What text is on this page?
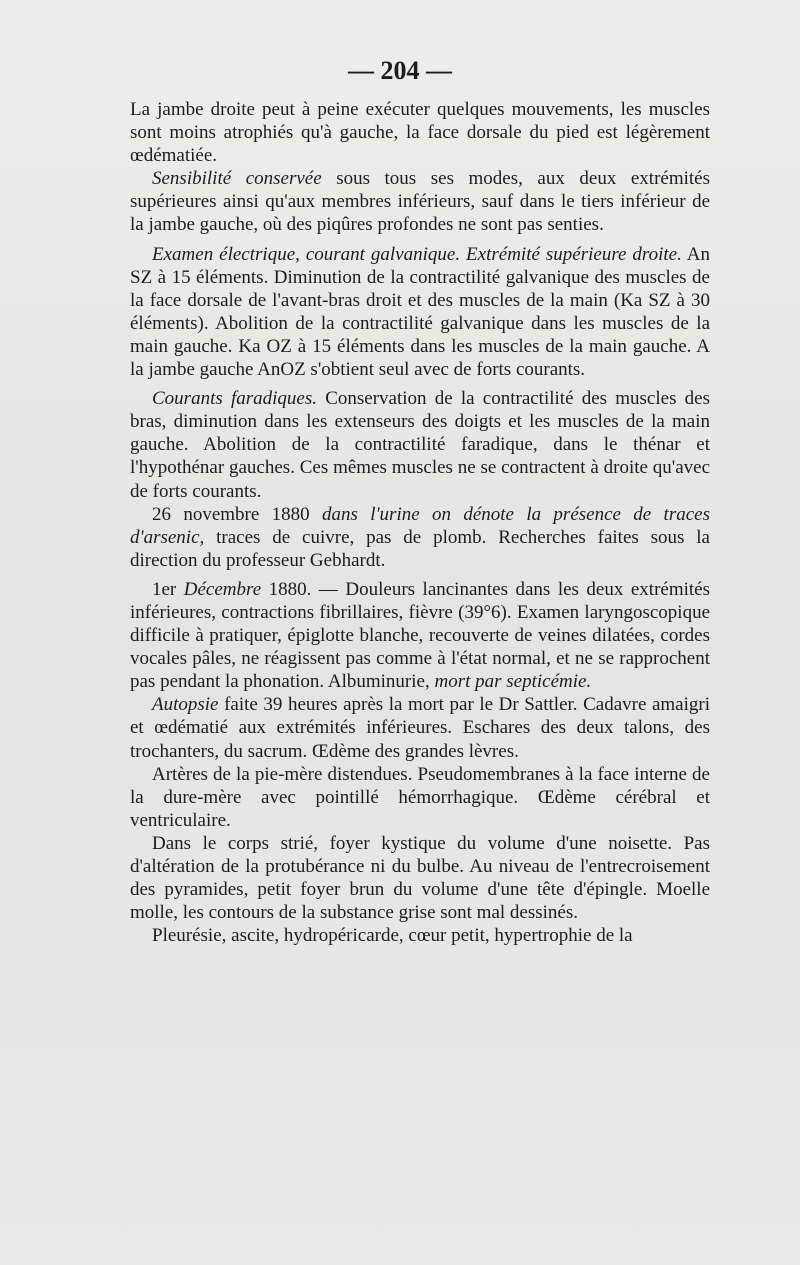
— 204 —

La jambe droite peut à peine exécuter quelques mouvements, les muscles sont moins atrophiés qu'à gauche, la face dorsale du pied est légèrement œdématiée.

Sensibilité conservée sous tous ses modes, aux deux extrémités supérieures ainsi qu'aux membres inférieurs, sauf dans le tiers inférieur de la jambe gauche, où des piqûres profondes ne sont pas senties.

Examen électrique, courant galvanique. Extrémité supérieure droite. An SZ à 15 éléments. Diminution de la contractilité galvanique des muscles de la face dorsale de l'avant-bras droit et des muscles de la main (Ka SZ à 30 éléments). Abolition de la contractilité galvanique dans les muscles de la main gauche. Ka OZ à 15 éléments dans les muscles de la main gauche. A la jambe gauche AnOZ s'obtient seul avec de forts courants.

Courants faradiques. Conservation de la contractilité des muscles des bras, diminution dans les extenseurs des doigts et les muscles de la main gauche. Abolition de la contractilité faradique, dans le thénar et l'hypothénar gauches. Ces mêmes muscles ne se contractent à droite qu'avec de forts courants.

26 novembre 1880 dans l'urine on dénote la présence de traces d'arsenic, traces de cuivre, pas de plomb. Recherches faites sous la direction du professeur Gebhardt.

1er Décembre 1880. — Douleurs lancinantes dans les deux extrémités inférieures, contractions fibrillaires, fièvre (39°6). Examen laryngoscopique difficile à pratiquer, épiglotte blanche, recouverte de veines dilatées, cordes vocales pâles, ne réagissent pas comme à l'état normal, et ne se rapprochent pas pendant la phonation. Albuminurie, mort par septicémie.

Autopsie faite 39 heures après la mort par le Dr Sattler. Cadavre amaigri et œdématié aux extrémités inférieures. Eschares des deux talons, des trochanters, du sacrum. Œdème des grandes lèvres.

Artères de la pie-mère distendues. Pseudomembranes à la face interne de la dure-mère avec pointillé hémorrhagique. Œdème cérébral et ventriculaire.

Dans le corps strié, foyer kystique du volume d'une noisette. Pas d'altération de la protubérance ni du bulbe. Au niveau de l'entrecroisement des pyramides, petit foyer brun du volume d'une tête d'épingle. Moelle molle, les contours de la substance grise sont mal dessinés.

Pleurésie, ascite, hydropéricarde, cœur petit, hypertrophie de la
